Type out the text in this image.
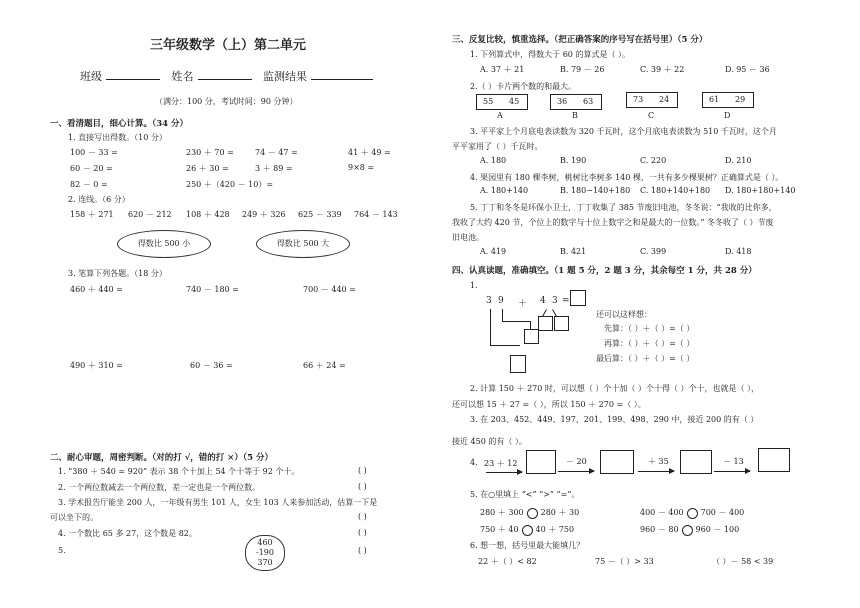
三年级数学（上）第二单元
班级	姓名	监测结果
（满分：100 分，考试时间：90 分钟）
一、看清题目，细心计算。（34 分）
1. 直接写出得数。（10 分）
100 － 33 =	230 ＋ 70 =	74 － 47 =	41 ＋ 49 =
60 － 20 =	26 ＋ 30 =	3 ＋ 89 =	9×8 =
82 － 0 =	250 ＋（420 － 10）=
2. 连线。（6 分）
158 ＋ 271 620 － 212 108 ＋ 428 249 ＋ 326 625 － 339 764 － 143
得数比 500 小	得数比 500 大
3. 笔算下列各题。（18 分）
460 ＋ 440 =	740 － 180 =	700 － 440 =
490 ＋ 310 =	60 － 36 =	66 ＋ 24 =
二、耐心审题，周密判断。（对的打 √，错的打 ×）（5 分）
1. “380 ＋ 540 = 920” 表示 38 个十加上 54 个十等于 92 个十。	( )
2. 一个两位数减去一个两位数，差一定也是一个两位数。	( )
3. 学术报告厅能坐 200 人，一年级有男生 101 人，女生 103 人来参加活动，估算一下是
可以坐下的。	( )
4. 一个数比 65 多 27，这个数是 82。	( )
5.	( )
460
-190
370
三、反复比较，慎重选择。（把正确答案的序号写在括号里）（5 分）
1. 下列算式中，得数大于 60 的算式是（ ）。
A. 37 ＋ 21	B. 79 － 26	C. 39 ＋ 22	D. 95 － 36
2.（ ）卡片两个数的和最大。
55 45	36 63	73 24	61 29
A	B	C	D
3. 平平家上个月底电表读数为 320 千瓦时，这个月底电表读数为 510 千瓦时，这个月
平平家用了（ ）千瓦时。
A. 180	B. 190	C. 220	D. 210
4. 果园里有 180 棵李树，桃树比李树多 140 棵，一共有多少棵果树？正确算式是（ ）。
A. 180+140	B. 180−140+180 C. 180+140+180 D. 180+180+140
5. 丁丁和冬冬是环保小卫士，丁丁收集了 385 节废旧电池，冬冬说：“我收的比你多，
我收了大约 420 节，个位上的数字与十位上数字之和是最大的一位数。” 冬冬收了（ ）节废
旧电池。
A. 419	B. 421	C. 399	D. 418
四、认真读题，准确填空。（1 题 5 分，2 题 3 分，其余每空 1 分，共 28 分）
1.
3 9 ＋ 4 3 =
还可以这样想：
先算：（ ）＋（ ）=（ ）
再算：（ ）＋（ ）=（ ）
最后算：（ ）＋（ ）=（ ）
2. 计算 150 ＋ 270 时，可以想（ ）个十加（ ）个十得（ ）个十，也就是（ ），
还可以想 15 ＋ 27 =（ ），所以 150 ＋ 270 =（ ）。
3. 在 203、452、449、197、201、199、498、290 中，接近 200 的有（ ）
接近 450 的有（ ）。
4. 23 ＋ 12	－ 20	＋ 35	－ 13
5. 在○里填上 “<” “>” “=”。
280 ＋ 300 280 ＋ 30	400 － 400 700 － 400
750 ＋ 40 40 ＋ 750	960 － 80 960 － 100
6. 想一想，括号里最大能填几？
22 ＋（ ）< 82	75 －（ ）> 33	（ ）－ 58 < 39
